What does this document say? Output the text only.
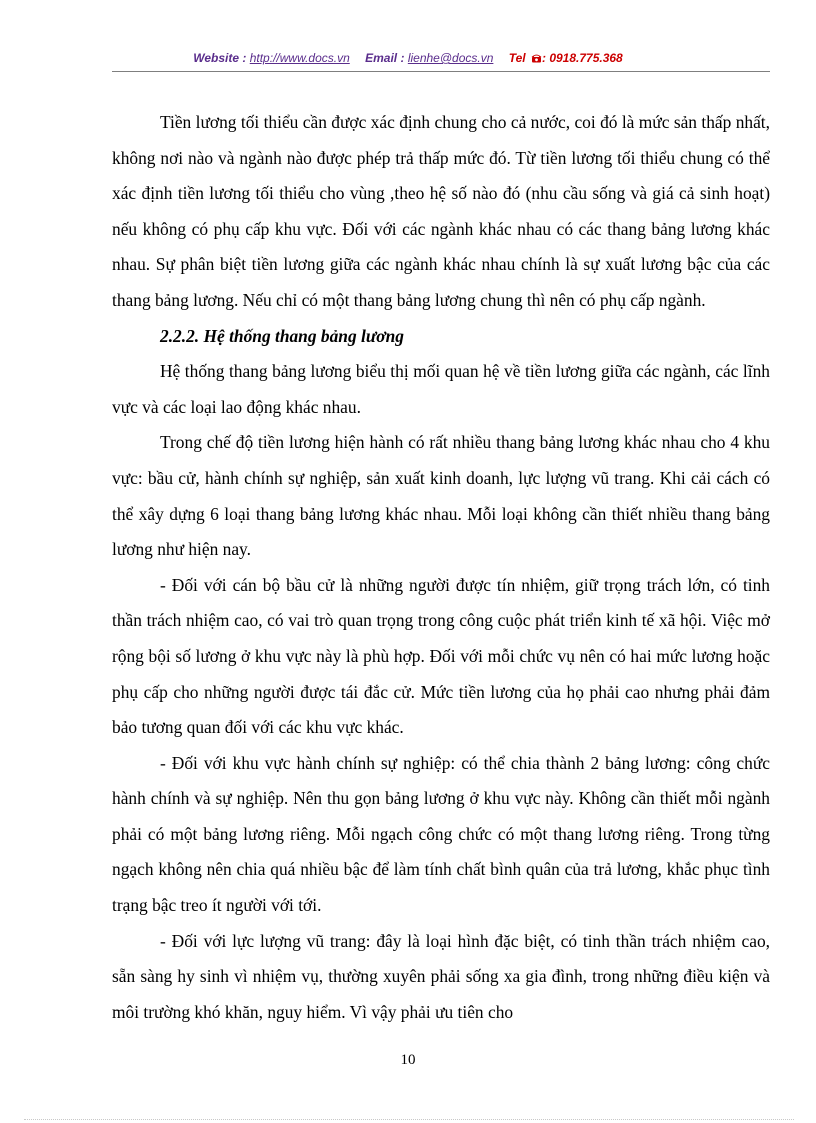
Website : http://www.docs.vn Email : lienhe@docs.vn Tel : 0918.775.368

Tiền lương tối thiểu cần được xác định chung cho cả nước, coi đó là mức sản thấp nhất, không nơi nào và ngành nào được phép trả thấp mức đó. Từ tiền lương tối thiểu chung có thể xác định tiền lương tối thiểu cho vùng ,theo hệ số nào đó (nhu cầu sống và giá cả sinh hoạt) nếu không có phụ cấp khu vực. Đối với các ngành khác nhau có các thang bảng lương khác nhau. Sự phân biệt tiền lương giữa các ngành khác nhau chính là sự xuất lương bậc của các thang bảng lương. Nếu chỉ có một thang bảng lương chung thì nên có phụ cấp ngành.

2.2.2. Hệ thống thang bảng lương

Hệ thống thang bảng lương biểu thị mối quan hệ về tiền lương giữa các ngành, các lĩnh vực và các loại lao động khác nhau.

Trong chế độ tiền lương hiện hành có rất nhiều thang bảng lương khác nhau cho 4 khu vực: bầu cử, hành chính sự nghiệp, sản xuất kinh doanh, lực lượng vũ trang. Khi cải cách có thể xây dựng 6 loại thang bảng lương khác nhau. Mỗi loại không cần thiết nhiều thang bảng lương như hiện nay.

- Đối với cán bộ bầu cử là những người được tín nhiệm, giữ trọng trách lớn, có tinh thần trách nhiệm cao, có vai trò quan trọng trong công cuộc phát triển kinh tế xã hội. Việc mở rộng bội số lương ở khu vực này là phù hợp. Đối với mỗi chức vụ nên có hai mức lương hoặc phụ cấp cho những người được tái đắc cử. Mức tiền lương của họ phải cao nhưng phải đảm bảo tương quan đối với các khu vực khác.

- Đối với khu vực hành chính sự nghiệp: có thể chia thành 2 bảng lương: công chức hành chính và sự nghiệp. Nên thu gọn bảng lương ở khu vực này. Không cần thiết mỗi ngành phải có một bảng lương riêng. Mỗi ngạch công chức có một thang lương riêng. Trong từng ngạch không nên chia quá nhiều bậc để làm tính chất bình quân của trả lương, khắc phục tình trạng bậc treo ít người với tới.

- Đối với lực lượng vũ trang: đây là loại hình đặc biệt, có tinh thần trách nhiệm cao, sẵn sàng hy sinh vì nhiệm vụ, thường xuyên phải sống xa gia đình, trong những điều kiện và môi trường khó khăn, nguy hiểm. Vì vậy phải ưu tiên cho

10
